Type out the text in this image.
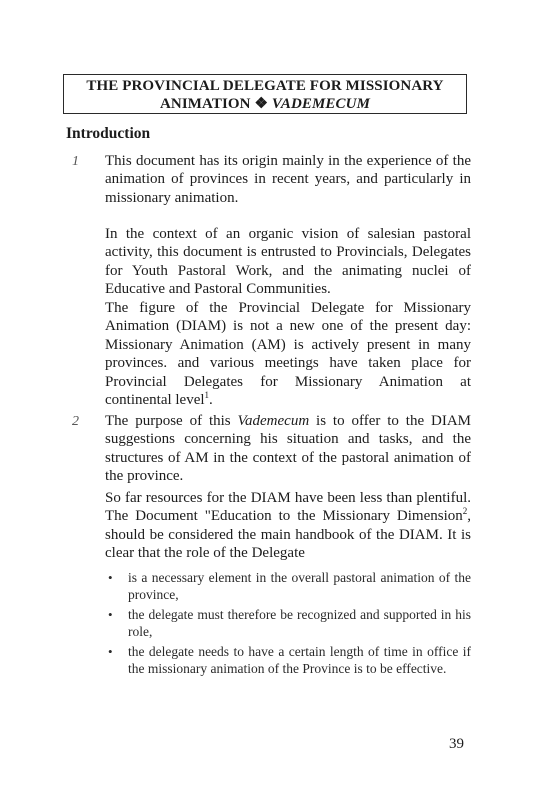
THE PROVINCIAL DELEGATE FOR MISSIONARY
ANIMATION ❖ VADEMECUM
Introduction
1 This document has its origin mainly in the experience of the animation of provinces in recent years, and particularly in missionary animation.
In the context of an organic vision of salesian pastoral activity, this document is entrusted to Provincials, Delegates for Youth Pastoral Work, and the animating nuclei of Educative and Pastoral Communities.
The figure of the Provincial Delegate for Missionary Animation (DIAM) is not a new one of the present day: Missionary Animation (AM) is actively present in many provinces. and various meetings have taken place for Provincial Delegates for Missionary Animation at continental level$^1$.
2 The purpose of this Vademecum is to offer to the DIAM suggestions concerning his situation and tasks, and the structures of AM in the context of the pastoral animation of the province.
So far resources for the DIAM have been less than plentiful. The Document "Education to the Missionary Dimension$^2$, should be considered the main handbook of the DIAM. It is clear that the role of the Delegate
• is a necessary element in the overall pastoral animation of the province,
• the delegate must therefore be recognized and supported in his role,
• the delegate needs to have a certain length of time in office if the missionary animation of the Province is to be effective.
39
